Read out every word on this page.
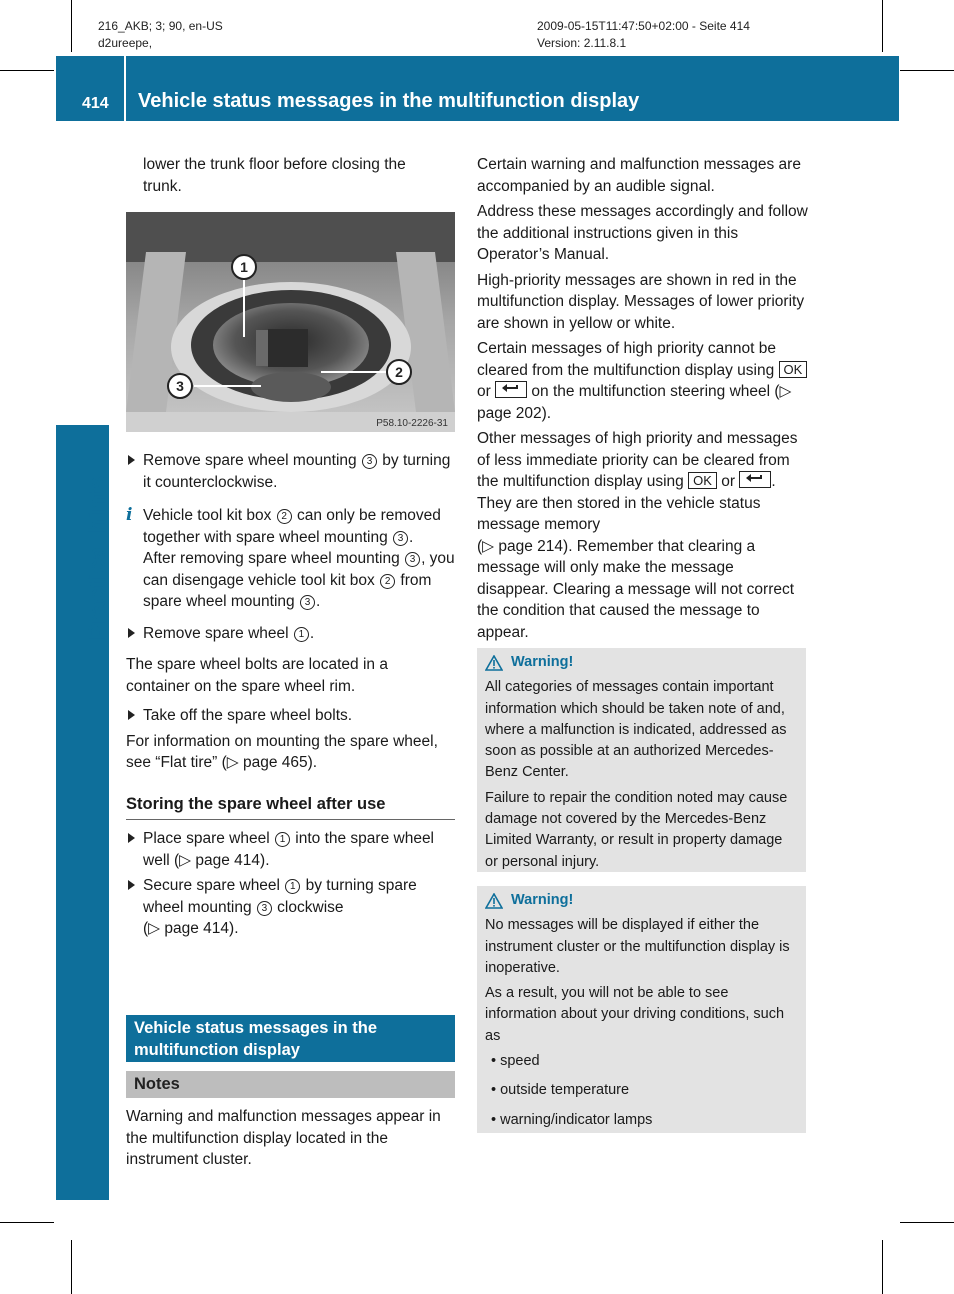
216_AKB; 3; 90, en-US
d2ureepe,
2009-05-15T11:47:50+02:00 - Seite 414
Version: 2.11.8.1
414 Vehicle status messages in the multifunction display
Practical hints

lower the trunk floor before closing the trunk.

1
2
3
P58.10-2226-31
Remove spare wheel mounting 3 by turning it counterclockwise.
i Vehicle tool kit box 2 can only be removed together with spare wheel mounting 3 .
After removing spare wheel mounting 3 , you can disengage vehicle tool kit box 2 from spare wheel mounting 3 .
Remove spare wheel 1 .

The spare wheel bolts are located in a container on the spare wheel rim.

Take off the spare wheel bolts.

For information on mounting the spare wheel, see “Flat tire” (▷ page 465).

Storing the spare wheel after use

Place spare wheel 1 into the spare wheel well (▷ page 414).
Secure spare wheel 1 by turning spare wheel mounting 3 clockwise
(▷ page 414).
Vehicle status messages in the multifunction display
Notes

Warning and malfunction messages appear in the multifunction display located in the instrument cluster.

Certain warning and malfunction messages are accompanied by an audible signal.

Address these messages accordingly and follow the additional instructions given in this Operator’s Manual.

High-priority messages are shown in red in the multifunction display. Messages of lower priority are shown in yellow or white.

Certain messages of high priority cannot be cleared from the multifunction display using OK or
on the multifunction steering wheel (▷ page 202).

Other messages of high priority and messages of less immediate priority can be cleared from the multifunction display using OK or
. They are then stored in the vehicle status message memory
(▷ page 214). Remember that clearing a message will only make the message disappear. Clearing a message will not correct the condition that caused the message to appear.

Warning!

All categories of messages contain important information which should be taken note of and, where a malfunction is indicated, addressed as soon as possible at an authorized Mercedes-Benz Center.

Failure to repair the condition noted may cause damage not covered by the Mercedes-Benz Limited Warranty, or result in property damage or personal injury.

Warning!

No messages will be displayed if either the instrument cluster or the multifunction display is inoperative.

As a result, you will not be able to see information about your driving conditions, such as

• speed
• outside temperature
• warning/indicator lamps
